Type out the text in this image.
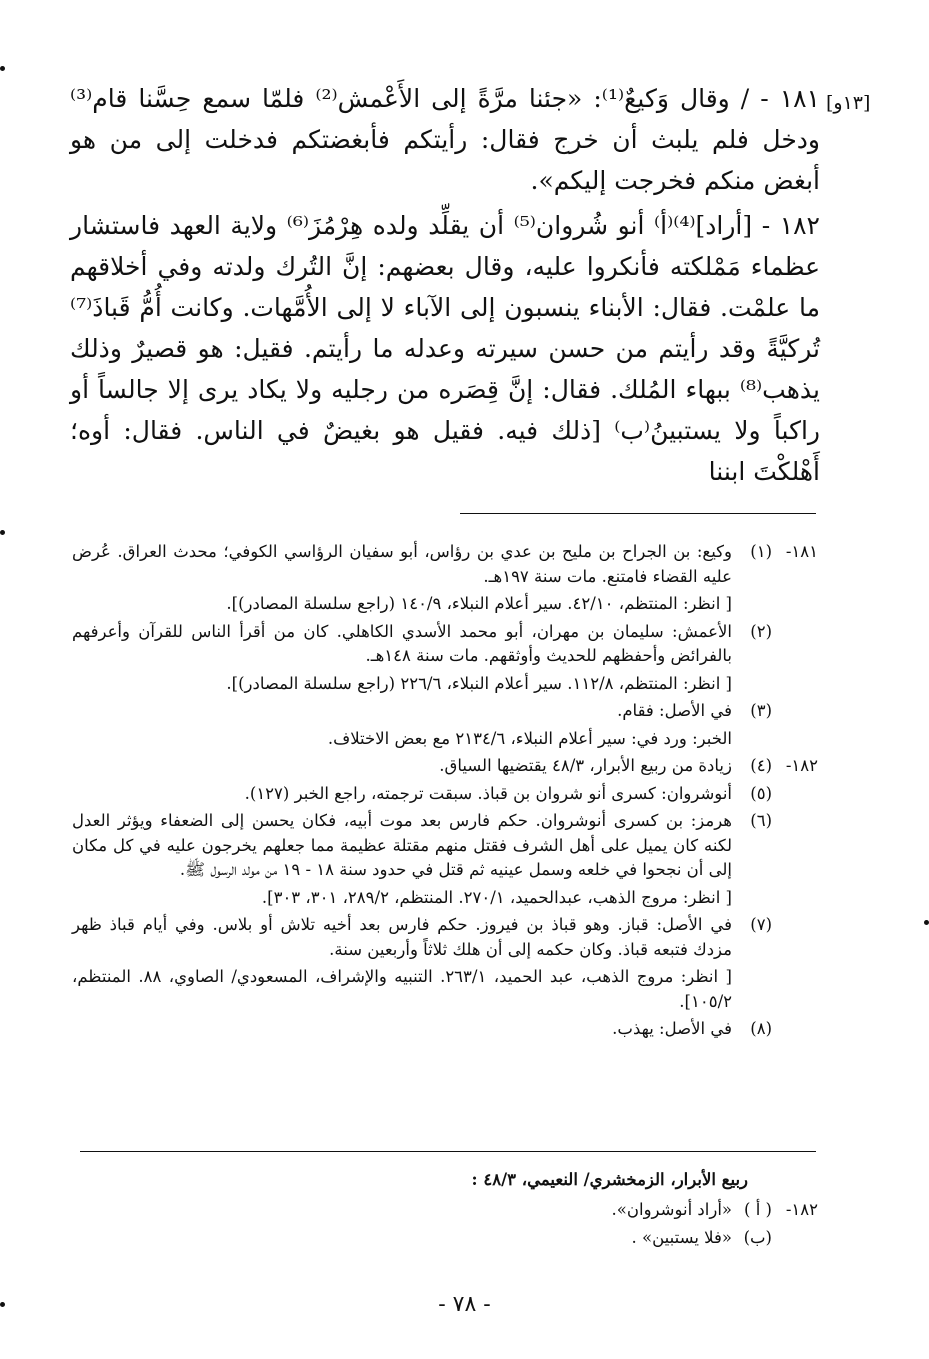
[١٣و]

١٨١ - / وقال وَكيعٌ⁽¹⁾: «جئنا مرَّةً إلى الأَعْمش⁽²⁾ فلمّا سمع حِسَّنا قام⁽³⁾ ودخل فلم يلبث أن خرج فقال: رأيتكم فأبغضتكم فدخلت إلى من هو أبغض منكم فخرجت إليكم».

١٨٢ - [أراد]⁽⁴⁾⁽أ⁾ أنو شُروان⁽⁵⁾ أن يقلِّد ولده هِرْمُزَ⁽⁶⁾ ولاية العهد فاستشار عظماء مَمْلكته فأنكروا عليه، وقال بعضهم: إنَّ التُرك ولدته وفي أخلاقهم ما علمْت. فقال: الأبناء ينسبون إلى الآباء لا إلى الأُمَّهات. وكانت أُمُّ قَباذَ⁽⁷⁾ تُركيَّةً وقد رأيتم من حسن سيرته وعدله ما رأيتم. فقيل: هو قصيرٌ وذلك يذهب⁽⁸⁾ ببهاء المُلك. فقال: إنَّ قِصَره من رجليه ولا يكاد يرى إلا جالساً أو راكباً ولا يستبينُ⁽ب⁾ [ذلك فيه. فقيل هو بغيضٌ في الناس. فقال: أوه؛ أَهْلكْتَ ابننا

١٨١-(١)
وكيع: بن الجراح بن مليح بن عدي بن رؤاس، أبو سفيان الرؤاسي الكوفي؛ محدث العراق. عُرض عليه القضاء فامتنع. مات سنة ١٩٧هـ.
[ انظر: المنتظم، ٤٢/١٠. سير أعلام النبلاء، ١٤٠/٩ (راجع سلسلة المصادر)].
(٢)
الأعمش: سليمان بن مهران، أبو محمد الأسدي الكاهلي. كان من أقرأ الناس للقرآن وأعرفهم بالفرائض وأحفظهم للحديث وأوثقهم. مات سنة ١٤٨هـ.
[ انظر: المنتظم، ١١٢/٨. سير أعلام النبلاء، ٢٢٦/٦ (راجع سلسلة المصادر)].
(٣)
في الأصل: فقام.
الخبر: ورد في: سير أعلام النبلاء، ٢١٣٤/٦ مع بعض الاختلاف.
١٨٢-(٤)
زيادة من ربيع الأبرار، ٤٨/٣ يقتضيها السياق.
(٥)
أنوشروان: كسرى أنو شروان بن قباذ. سبقت ترجمته، راجع الخبر (١٢٧).
(٦)
هرمز: بن كسرى أنوشروان. حكم فارس بعد موت أبيه، فكان يحسن إلى الضعفاء ويؤثر العدل لكنه كان يميل على أهل الشرف فقتل منهم مقتلة عظيمة مما جعلهم يخرجون عليه في كل مكان إلى أن نجحوا في خلعه وسمل عينيه ثم قتل في حدود سنة ١٨ - ١٩ من مولد الرسول ﷺ.
[ انظر: مروج الذهب، عبدالحميد، ٢٧٠/١. المنتظم، ٢٨٩/٢، ٣٠١، ٣٠٣].
(٧)
في الأصل: قباز. وهو قباذ بن فيروز. حكم فارس بعد أخيه تلاش أو بلاس. وفي أيام قباذ ظهر مزدك فتبعه قباذ. وكان حكمه إلى أن هلك ثلاثاً وأربعين سنة.
[ انظر: مروج الذهب، عبد الحميد، ٢٦٣/١. التنبيه والإشراف، المسعودي/ الصاوي، ٨٨. المنتظم، ١٠٥/٢].
(٨)
في الأصل: يهذب.
ربيع الأبرار، الزمخشري/ النعيمي، ٤٨/٣ :
١٨٢-( أ )
«أراد أنوشروان».
(ب)
«فلا يستبين» .
- ٧٨ -
